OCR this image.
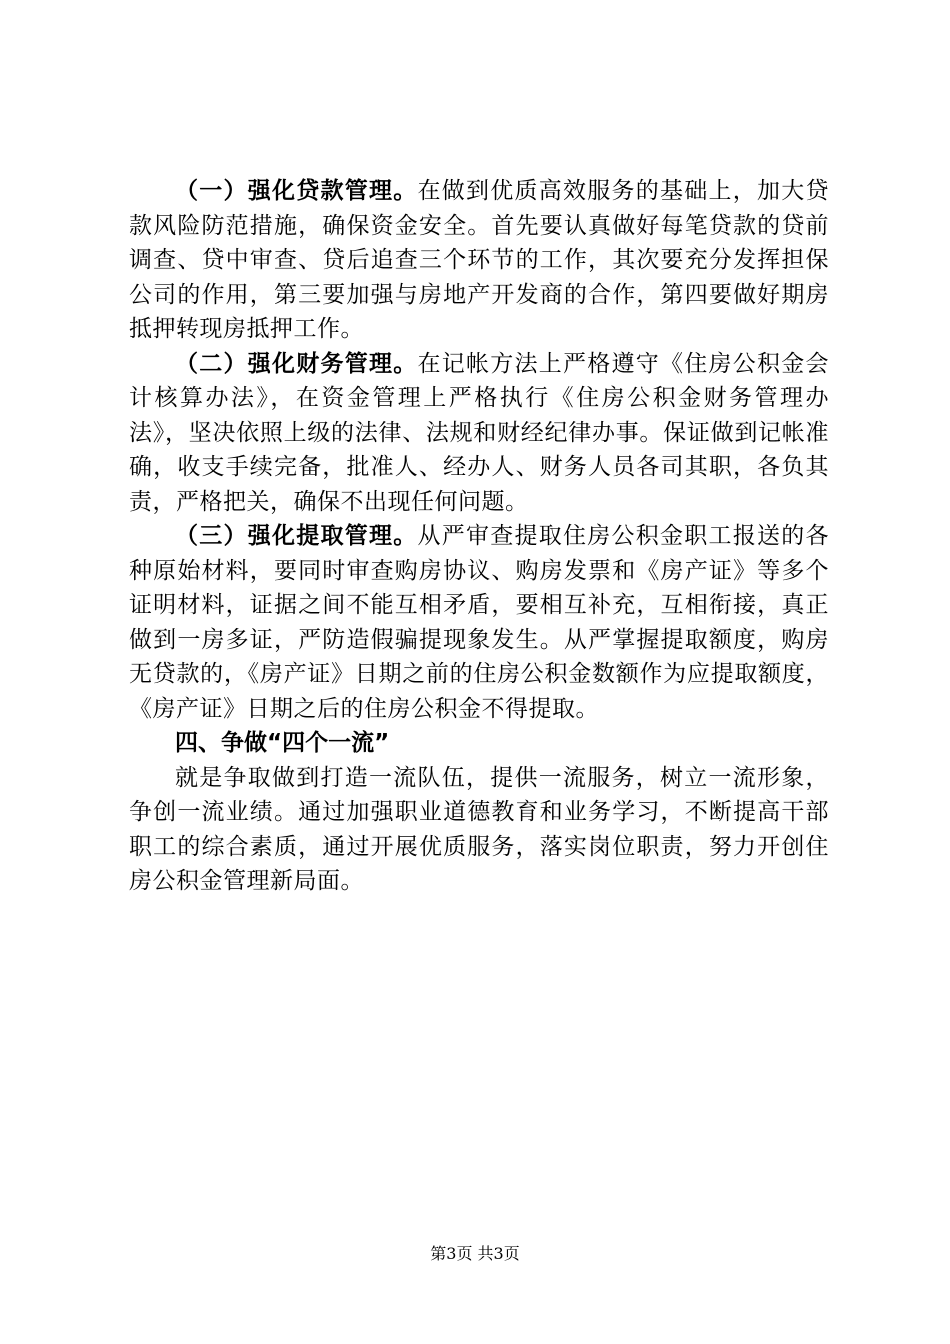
（一）强化贷款管理。在做到优质高效服务的基础上，加大贷款风险防范措施，确保资金安全。首先要认真做好每笔贷款的贷前调查、贷中审查、贷后追查三个环节的工作，其次要充分发挥担保公司的作用，第三要加强与房地产开发商的合作，第四要做好期房抵押转现房抵押工作。

（二）强化财务管理。在记帐方法上严格遵守《住房公积金会计核算办法》，在资金管理上严格执行《住房公积金财务管理办法》，坚决依照上级的法律、法规和财经纪律办事。保证做到记帐准确，收支手续完备，批准人、经办人、财务人员各司其职，各负其责，严格把关，确保不出现任何问题。

（三）强化提取管理。从严审查提取住房公积金职工报送的各种原始材料，要同时审查购房协议、购房发票和《房产证》等多个证明材料，证据之间不能互相矛盾，要相互补充，互相衔接，真正做到一房多证，严防造假骗提现象发生。从严掌握提取额度，购房无贷款的，《房产证》日期之前的住房公积金数额作为应提取额度，《房产证》日期之后的住房公积金不得提取。

四、争做“四个一流”

就是争取做到打造一流队伍，提供一流服务，树立一流形象，争创一流业绩。通过加强职业道德教育和业务学习，不断提高干部职工的综合素质，通过开展优质服务，落实岗位职责，努力开创住房公积金管理新局面。

第3页 共3页
